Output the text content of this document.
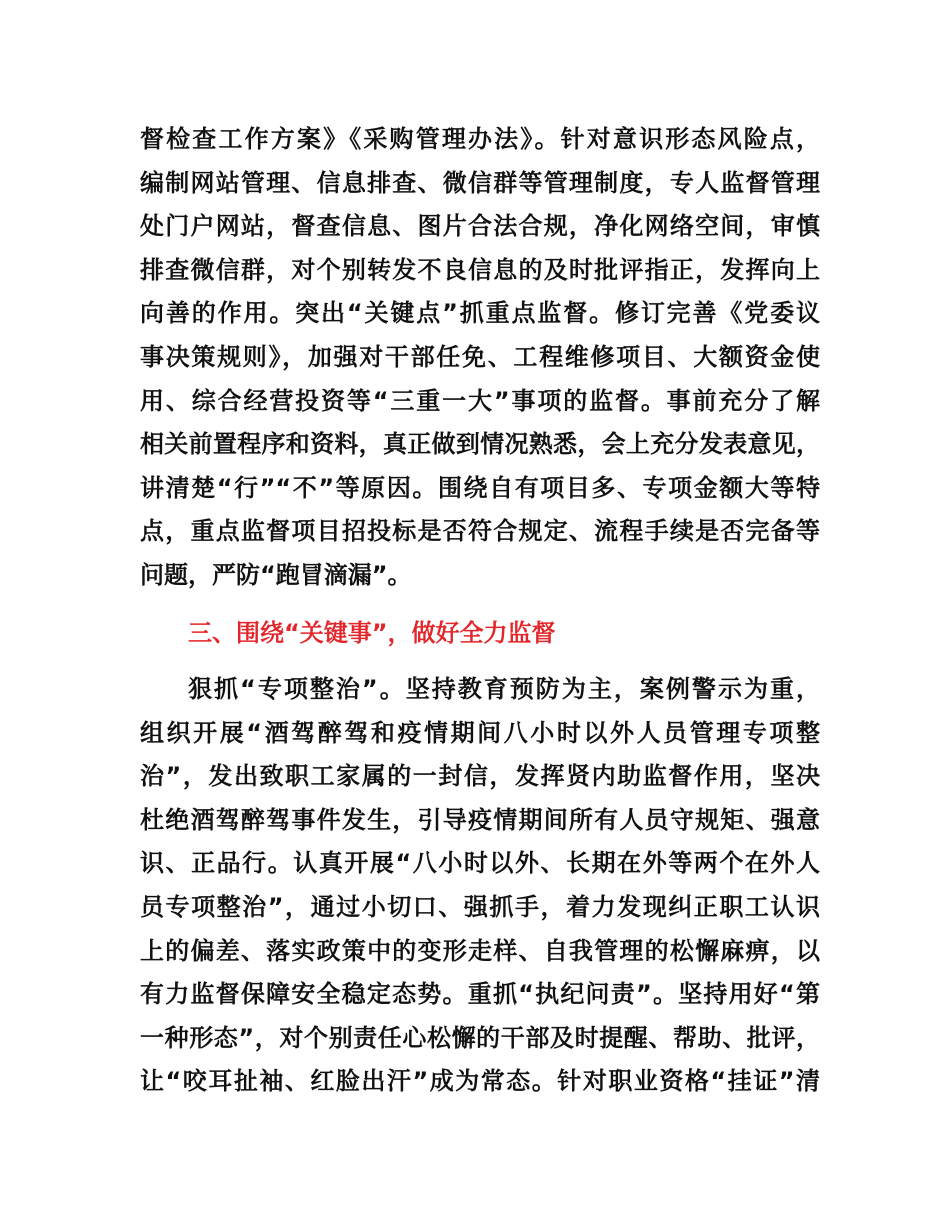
督检查工作方案》《采购管理办法》。针对意识形态风险点，
编制网站管理、信息排查、微信群等管理制度，专人监督管理
处门户网站，督查信息、图片合法合规，净化网络空间，审慎
排查微信群，对个别转发不良信息的及时批评指正，发挥向上
向善的作用。突出“关键点”抓重点监督。修订完善《党委议
事决策规则》，加强对干部任免、工程维修项目、大额资金使
用、综合经营投资等“三重一大”事项的监督。事前充分了解
相关前置程序和资料，真正做到情况熟悉，会上充分发表意见，
讲清楚“行”“不”等原因。围绕自有项目多、专项金额大等特
点，重点监督项目招投标是否符合规定、流程手续是否完备等
问题，严防“跑冒滴漏”。
三、围绕“关键事”，做好全力监督
狠抓“专项整治”。坚持教育预防为主，案例警示为重，
组织开展“酒驾醉驾和疫情期间八小时以外人员管理专项整
治”，发出致职工家属的一封信，发挥贤内助监督作用，坚决
杜绝酒驾醉驾事件发生，引导疫情期间所有人员守规矩、强意
识、正品行。认真开展“八小时以外、长期在外等两个在外人
员专项整治”，通过小切口、强抓手，着力发现纠正职工认识
上的偏差、落实政策中的变形走样、自我管理的松懈麻痹，以
有力监督保障安全稳定态势。重抓“执纪问责”。坚持用好“第
一种形态”，对个别责任心松懈的干部及时提醒、帮助、批评，
让“咬耳扯袖、红脸出汗”成为常态。针对职业资格“挂证”清
